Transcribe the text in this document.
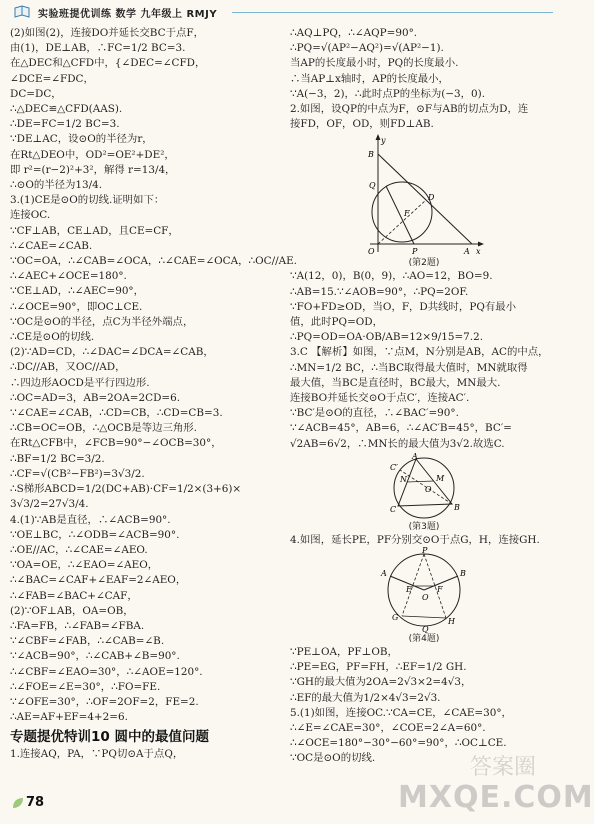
实验班提优训练 数学 九年级上 RMJY
(2)如图(2)，连接DO并延长交BC于点F，
由(1)，DE⊥AB，∴FC=1/2 BC=3.
在△DEC和△CFD中，{∠DEC=∠CFD，
∠DCE=∠FDC，
DC=DC，
∴△DEC≌△CFD(AAS).
∴DE=FC=1/2 BC=3.
∵DE⊥AC，设⊙O的半径为r，
在Rt△DEO中，OD²=OE²+DE²，
即 r²=(r−2)²+3²，解得 r=13/4，
∴⊙O的半径为13/4.
3.(1)CE是⊙O的切线.证明如下：
连接OC.
∵CF⊥AB，CE⊥AD，且CE=CF，
∴∠CAE=∠CAB.
∵OC=OA，∴∠CAB=∠OCA，∴∠CAE=∠OCA，∴OC//AE.
∴∠AEC+∠OCE=180°.
∵CE⊥AD，∴∠AEC=90°，
∴∠OCE=90°，即OC⊥CE.
∵OC是⊙O的半径，点C为半径外端点，
∴CE是⊙O的切线.
(2)∵AD=CD，∴∠DAC=∠DCA=∠CAB，
∴DC//AB，又OC//AD，
∴四边形AOCD是平行四边形.
∴OC=AD=3，AB=2OA=2CD=6.
∵∠CAE=∠CAB，∴CD=CB，∴CD=CB=3.
∴CB=OC=OB，∴△OCB是等边三角形.
在Rt△CFB中，∠FCB=90°−∠OCB=30°，
∴BF=1/2 BC=3/2.
∴CF=√(CB²−FB²)=3√3/2.
∴S梯形ABCD=1/2(DC+AB)·CF=1/2×(3+6)×
3√3/2=27√3/4.
4.(1)∵AB是直径，∴∠ACB=90°.
∵OE⊥BC，∴∠ODB=∠ACB=90°.
∴OE//AC，∴∠CAE=∠AEO.
∵OA=OE，∴∠EAO=∠AEO，
∴∠BAC=∠CAF+∠EAF=2∠AEO，
∴∠FAB=∠BAC+∠CAF，
(2)∵OF⊥AB，OA=OB，
∴FA=FB，∴∠FAB=∠FBA.
∵∠CBF=∠FAB，∴∠CAB=∠B.
∵∠ACB=90°，∴∠CAB+∠B=90°.
∴∠CBF=∠EAO=30°，∴∠AOE=120°.
∴∠FOE=∠E=30°，∴FO=FE.
∵∠OFE=30°，∴OF=2OF=2，FE=2.
∴AE=AF+EF=4+2=6.
专题提优特训10 圆中的最值问题
1.连接AQ，PA，∵PQ切⊙A于点Q，
∴AQ⊥PQ，∴∠AQP=90°.
∴PQ=√(AP²−AQ²)=√(AP²−1).
当AP的长度最小时，PQ的长度最小.
∴当AP⊥x轴时，AP的长度最小，
∵A(−3，2)，∴此时点P的坐标为(−3，0).
2.如图，设QP的中点为F，⊙F与AB的切点为D，连
接FD，OF，OD，则FD⊥AB.
y
x
B
A
O
Q
P
F
D
(第2题)
∵A(12，0)，B(0，9)，∴AO=12，BO=9.
∴AB=15.∵∠AOB=90°，∴PQ=2OF.
∵FO+FD≥OD，当O，F，D共线时，PQ有最小
值，此时PQ=OD，
∴PQ=OD=OA·OB/AB=12×9/15=7.2.
3.C 【解析】如图，∵点M，N分别是AB，AC的中点，
∴MN=1/2 BC，∴当BC取得最大值时，MN就取得
最大值，当BC是直径时，BC最大，MN最大.
连接BO并延长交⊙O于点C′，连接AC′.
∵BC′是⊙O的直径，∴∠BAC′=90°.
∵∠ACB=45°，AB=6，∴∠AC′B=45°，BC′=
√2AB=6√2，∴MN长的最大值为3√2.故选C.
C′
A
N	M
O
B
C
(第3题)
4.如图，延长PE，PF分别交⊙O于点G，H，连接GH.
P
A	B
O
E	F
G	H
Q
(第4题)
∵PE⊥OA，PF⊥OB，
∴PE=EG，PF=FH，∴EF=1/2 GH.
∵GH的最大值为2OA=2√3×2=4√3，
∴EF的最大值为1/2×4√3=2√3.
5.(1)如图，连接OC.∵CA=CE，∠CAE=30°，
∴∠E=∠CAE=30°，∠COE=2∠A=60°.
∴∠OCE=180°−30°−60°=90°，∴OC⊥CE.
∵OC是⊙O的切线.
78
答案圈
MXQE.COM
